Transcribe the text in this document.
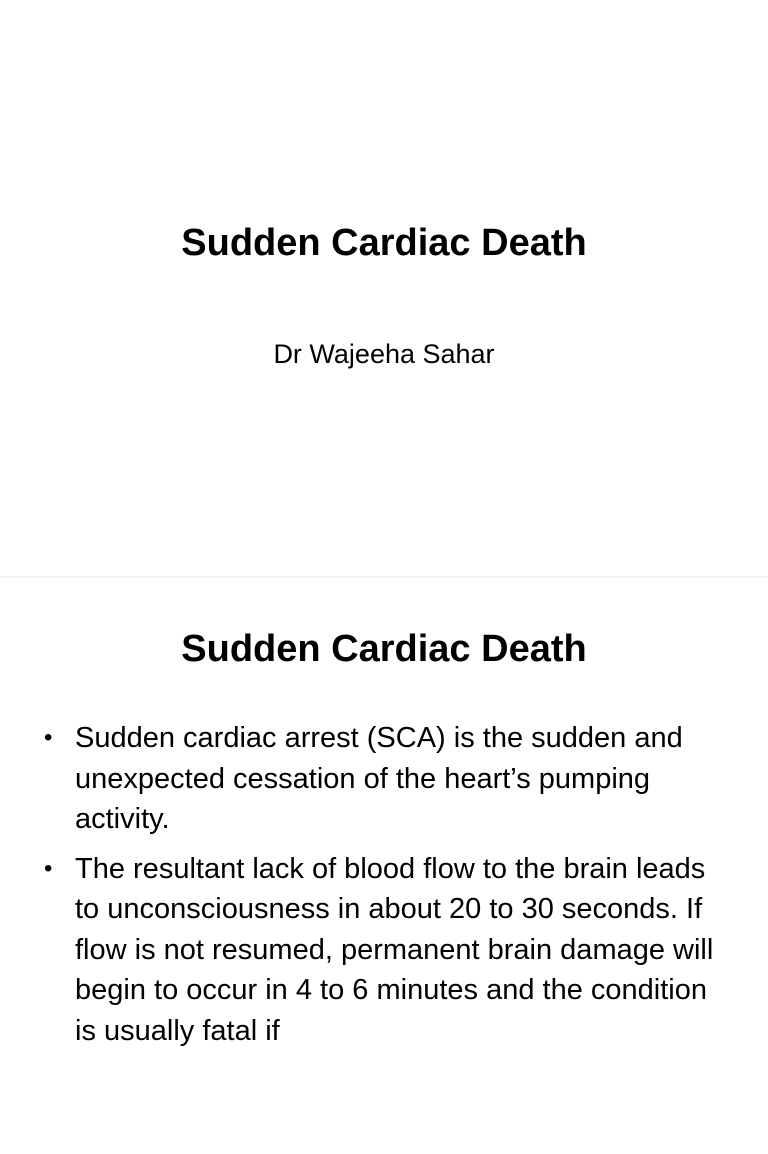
Sudden Cardiac Death

Dr Wajeeha Sahar

Sudden Cardiac Death
• Sudden cardiac arrest (SCA) is the sudden and unexpected cessation of the heart’s pumping activity.
• The resultant lack of blood flow to the brain leads to unconsciousness in about 20 to 30 seconds. If flow is not resumed, permanent brain damage will begin to occur in 4 to 6 minutes and the condition is usually fatal if
